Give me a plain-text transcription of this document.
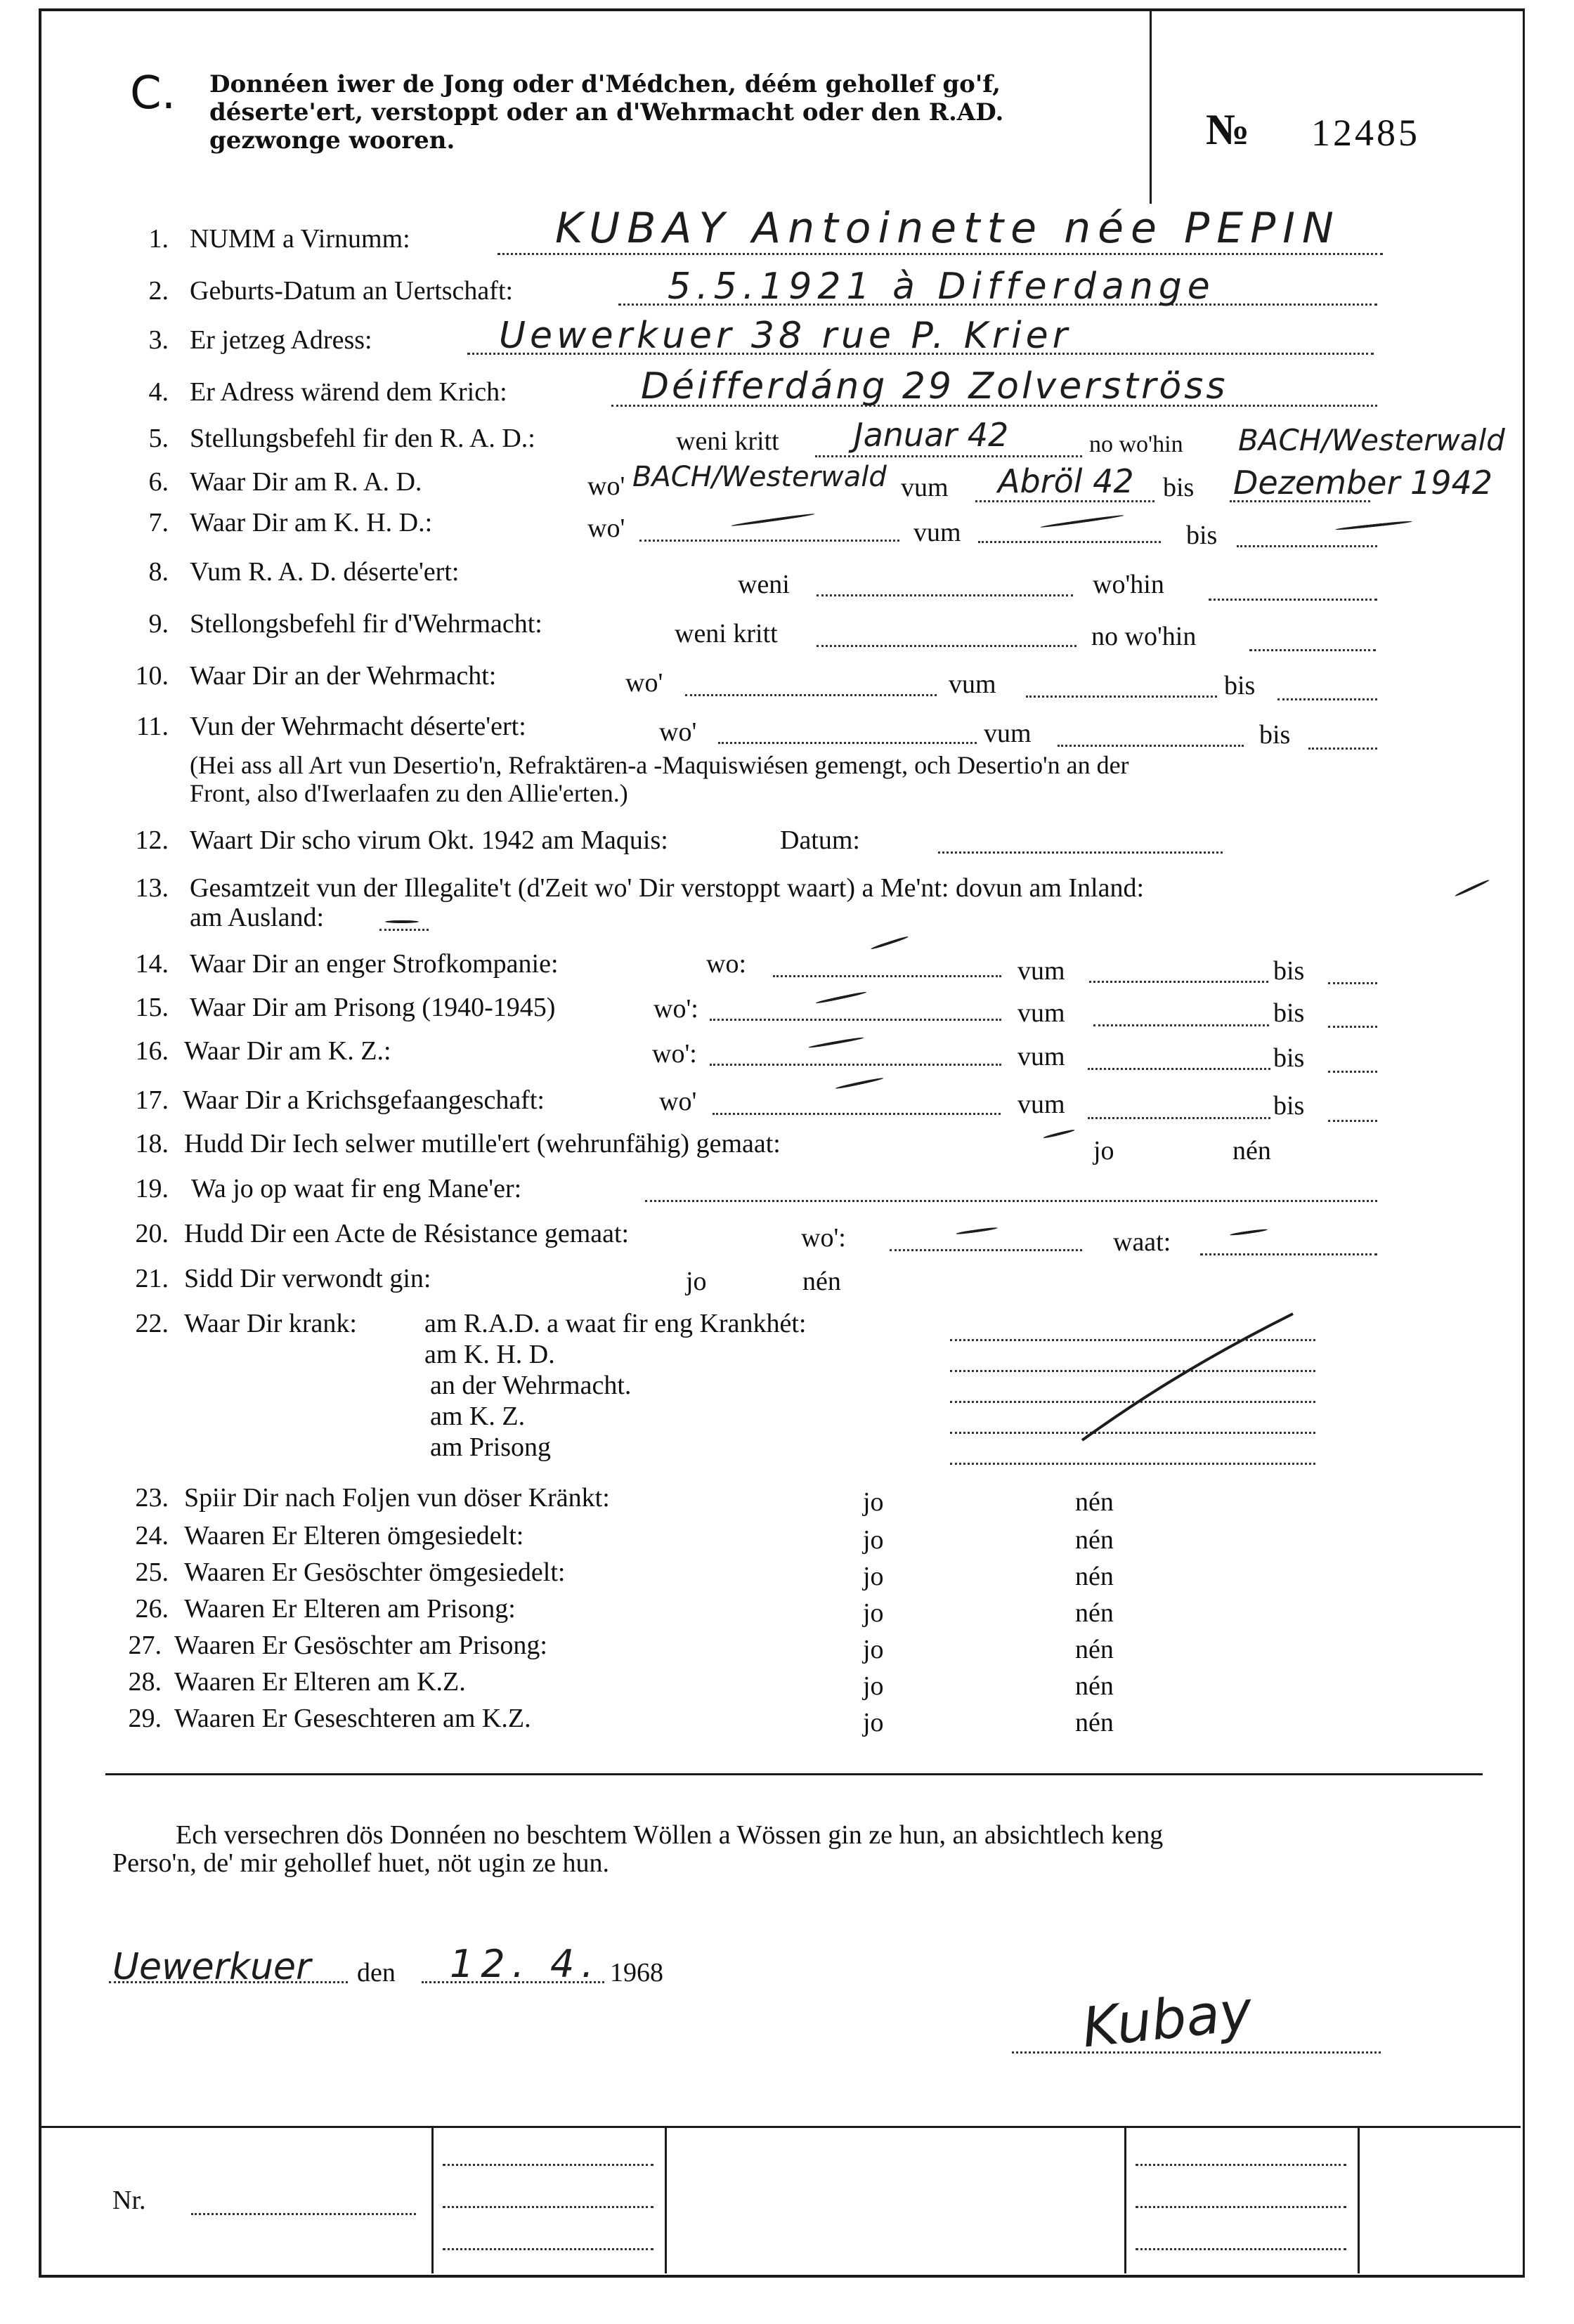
C. Donnéen iwer de Jong oder d'Médchen, déém gehollef go'f, déserte'ert, verstoppt oder an d'Wehrmacht oder den R.AD. gezwonge wooren.	№ 12485
1. NUMM a Virnumm:	KUBAY Antoinette née PEPIN
2. Geburts-Datum an Uertschaft:	5.5.1921 à Differdange
3. Er jetzeg Adress:	Uewerkuer 38 rue P. Krier
4. Er Adress wärend dem Krich:	Déifferdáng 29 Zolverströss
5. Stellungsbefehl fir den R. A. D.:	weni kritt Januar 42	no wo'hin BACH/Westerwald
6. Waar Dir am R. A. D.	wo' BACH/Westerwald vum Abröl 42 bis Dezember 1942
7. Waar Dir am K. H. D.:	wo'	vum	bis
8. Vum R. A. D. déserte'ert:	weni	wo'hin
9. Stellongsbefehl fir d'Wehrmacht:	weni kritt	no wo'hin
10. Waar Dir an der Wehrmacht:	wo'	vum	bis
11. Vun der Wehrmacht déserte'ert:	wo'	vum	bis
(Hei ass all Art vun Desertio'n, Refraktären-a -Maquiswiésen gemengt, och Desertio'n an der
Front, also d'Iwerlaafen zu den Allie'erten.)
12. Waart Dir scho virum Okt. 1942 am Maquis:	Datum:
13. Gesamtzeit vun der Illegalite't (d'Zeit wo' Dir verstoppt waart) a Me'nt: dovun am Inland:
am Ausland:
14. Waar Dir an enger Strofkompanie:	wo:	vum	bis
15. Waar Dir am Prisong (1940-1945)	wo':	vum	bis
16. Waar Dir am K. Z.:	wo':	vum	bis
17. Waar Dir a Krichsgefaangeschaft:	wo'	vum	bis
18. Hudd Dir Iech selwer mutille'ert (wehrunfähig) gemaat:	jo	nén
19. Wa jo op waat fir eng Mane'er:
20. Hudd Dir een Acte de Résistance gemaat:	wo':	waat:
21. Sidd Dir verwondt gin:	jo	nén
22. Waar Dir krank:	am R.A.D. a waat fir eng Krankhét:
am K. H. D.
an der Wehrmacht.
am K. Z.
am Prisong
23. Spiir Dir nach Foljen vun döser Kränkt:	jo	nén
24. Waaren Er Elteren ömgesiedelt:	jo	nén
25. Waaren Er Gesöschter ömgesiedelt:	jo	nén
26. Waaren Er Elteren am Prisong:	jo	nén
27. Waaren Er Gesöschter am Prisong:	jo	nén
28. Waaren Er Elteren am K.Z.	jo	nén
29. Waaren Er Geseschteren am K.Z.	jo	nén
Ech versechren dös Donnéen no beschtem Wöllen a Wössen gin ze hun, an absichtlech keng
Perso'n, de' mir gehollef huet, nöt ugin ze hun.
Uewerkuer den 12. 4. 1968
Kubay
Nr.
